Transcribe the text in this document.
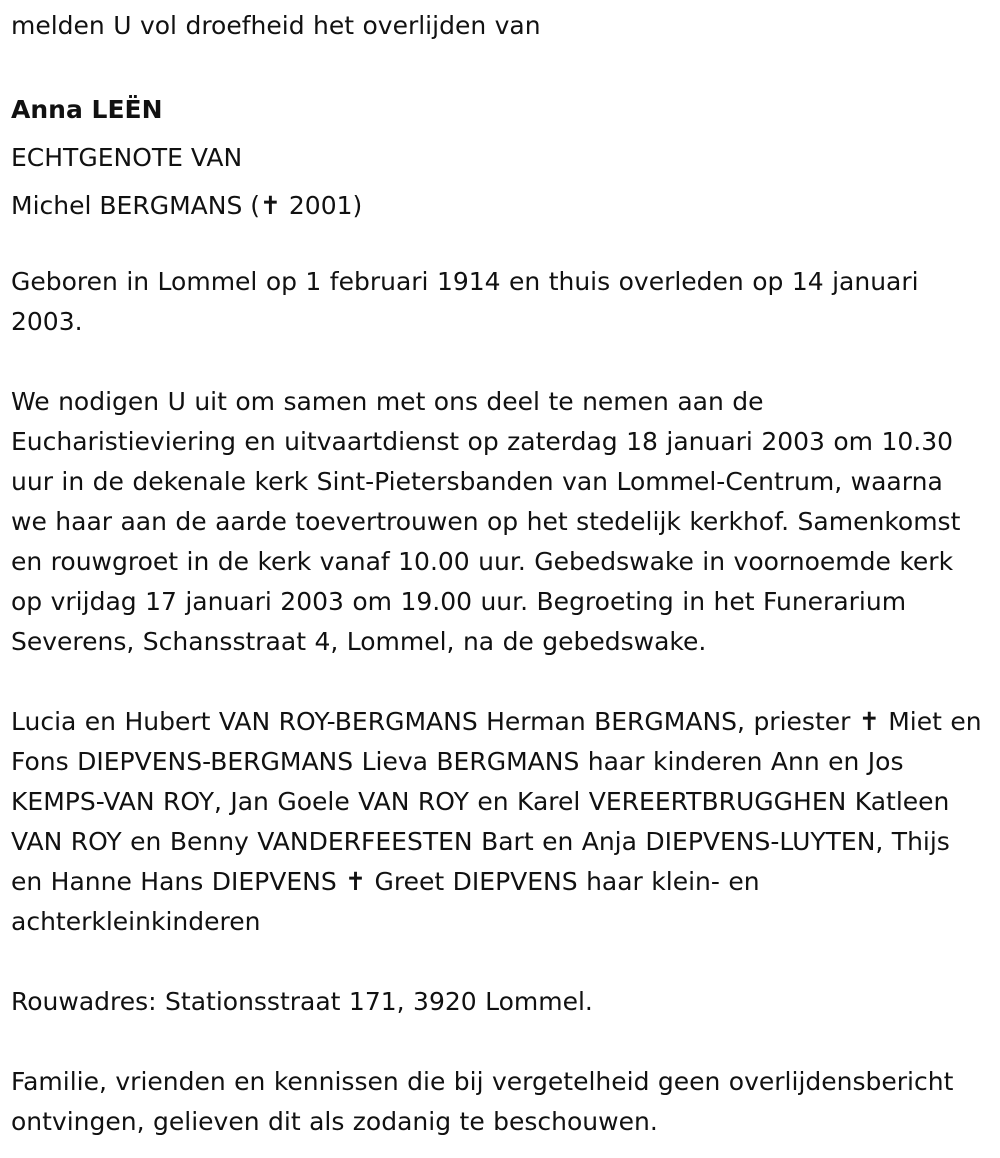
melden U vol droefheid het overlijden van

Anna LEËN

ECHTGENOTE VAN

Michel BERGMANS (✝ 2001)

Geboren in Lommel op 1 februari 1914 en thuis overleden op 14 januari 2003.

We nodigen U uit om samen met ons deel te nemen aan de Eucharistieviering en uitvaartdienst op zaterdag 18 januari 2003 om 10.30 uur in de dekenale kerk Sint-Pietersbanden van Lommel-Centrum, waarna we haar aan de aarde toevertrouwen op het stedelijk kerkhof. Samenkomst en rouwgroet in de kerk vanaf 10.00 uur. Gebedswake in voornoemde kerk op vrijdag 17 januari 2003 om 19.00 uur. Begroeting in het Funerarium Severens, Schansstraat 4, Lommel, na de gebedswake.

Lucia en Hubert VAN ROY-BERGMANS Herman BERGMANS, priester ✝ Miet en Fons DIEPVENS-BERGMANS Lieva BERGMANS haar kinderen Ann en Jos KEMPS-VAN ROY, Jan Goele VAN ROY en Karel VEREERTBRUGGHEN Katleen VAN ROY en Benny VANDERFEESTEN Bart en Anja DIEPVENS-LUYTEN, Thijs en Hanne Hans DIEPVENS ✝ Greet DIEPVENS haar klein- en achterkleinkinderen

Rouwadres: Stationsstraat 171, 3920 Lommel.

Familie, vrienden en kennissen die bij vergetelheid geen overlijdensbericht ontvingen, gelieven dit als zodanig te beschouwen.
